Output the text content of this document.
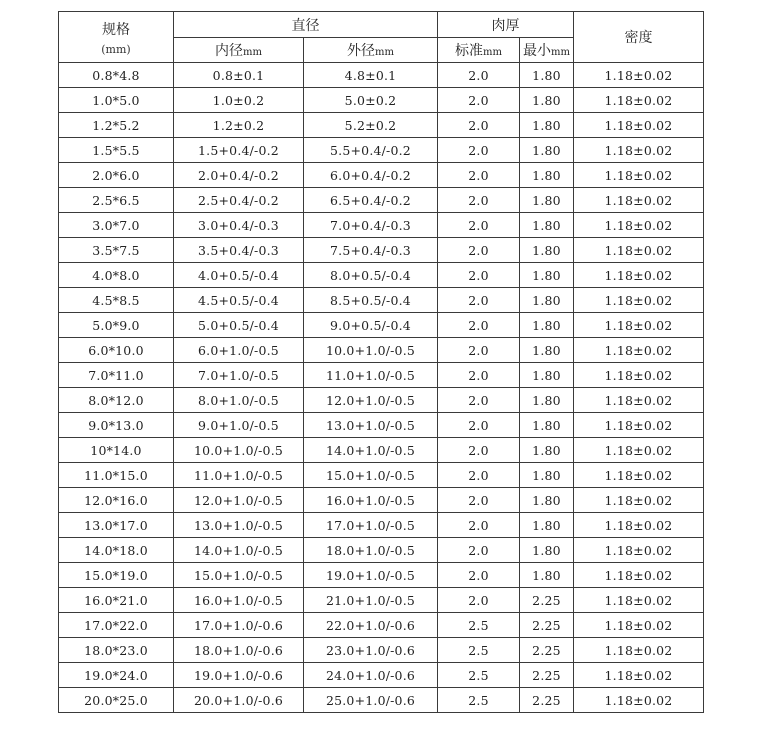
规格
(mm)	直径		肉厚		密度
	内径mm	外径mm	标准mm	最小mm	
0.8*4.8	0.8±0.1	4.8±0.1	2.0	1.80	1.18±0.02
1.0*5.0	1.0±0.2	5.0±0.2	2.0	1.80	1.18±0.02
1.2*5.2	1.2±0.2	5.2±0.2	2.0	1.80	1.18±0.02
1.5*5.5	1.5+0.4/-0.2	5.5+0.4/-0.2	2.0	1.80	1.18±0.02
2.0*6.0	2.0+0.4/-0.2	6.0+0.4/-0.2	2.0	1.80	1.18±0.02
2.5*6.5	2.5+0.4/-0.2	6.5+0.4/-0.2	2.0	1.80	1.18±0.02
3.0*7.0	3.0+0.4/-0.3	7.0+0.4/-0.3	2.0	1.80	1.18±0.02
3.5*7.5	3.5+0.4/-0.3	7.5+0.4/-0.3	2.0	1.80	1.18±0.02
4.0*8.0	4.0+0.5/-0.4	8.0+0.5/-0.4	2.0	1.80	1.18±0.02
4.5*8.5	4.5+0.5/-0.4	8.5+0.5/-0.4	2.0	1.80	1.18±0.02
5.0*9.0	5.0+0.5/-0.4	9.0+0.5/-0.4	2.0	1.80	1.18±0.02
6.0*10.0	6.0+1.0/-0.5	10.0+1.0/-0.5	2.0	1.80	1.18±0.02
7.0*11.0	7.0+1.0/-0.5	11.0+1.0/-0.5	2.0	1.80	1.18±0.02
8.0*12.0	8.0+1.0/-0.5	12.0+1.0/-0.5	2.0	1.80	1.18±0.02
9.0*13.0	9.0+1.0/-0.5	13.0+1.0/-0.5	2.0	1.80	1.18±0.02
10*14.0	10.0+1.0/-0.5	14.0+1.0/-0.5	2.0	1.80	1.18±0.02
11.0*15.0	11.0+1.0/-0.5	15.0+1.0/-0.5	2.0	1.80	1.18±0.02
12.0*16.0	12.0+1.0/-0.5	16.0+1.0/-0.5	2.0	1.80	1.18±0.02
13.0*17.0	13.0+1.0/-0.5	17.0+1.0/-0.5	2.0	1.80	1.18±0.02
14.0*18.0	14.0+1.0/-0.5	18.0+1.0/-0.5	2.0	1.80	1.18±0.02
15.0*19.0	15.0+1.0/-0.5	19.0+1.0/-0.5	2.0	1.80	1.18±0.02
16.0*21.0	16.0+1.0/-0.5	21.0+1.0/-0.5	2.0	2.25	1.18±0.02
17.0*22.0	17.0+1.0/-0.6	22.0+1.0/-0.6	2.5	2.25	1.18±0.02
18.0*23.0	18.0+1.0/-0.6	23.0+1.0/-0.6	2.5	2.25	1.18±0.02
19.0*24.0	19.0+1.0/-0.6	24.0+1.0/-0.6	2.5	2.25	1.18±0.02
20.0*25.0	20.0+1.0/-0.6	25.0+1.0/-0.6	2.5	2.25	1.18±0.02
